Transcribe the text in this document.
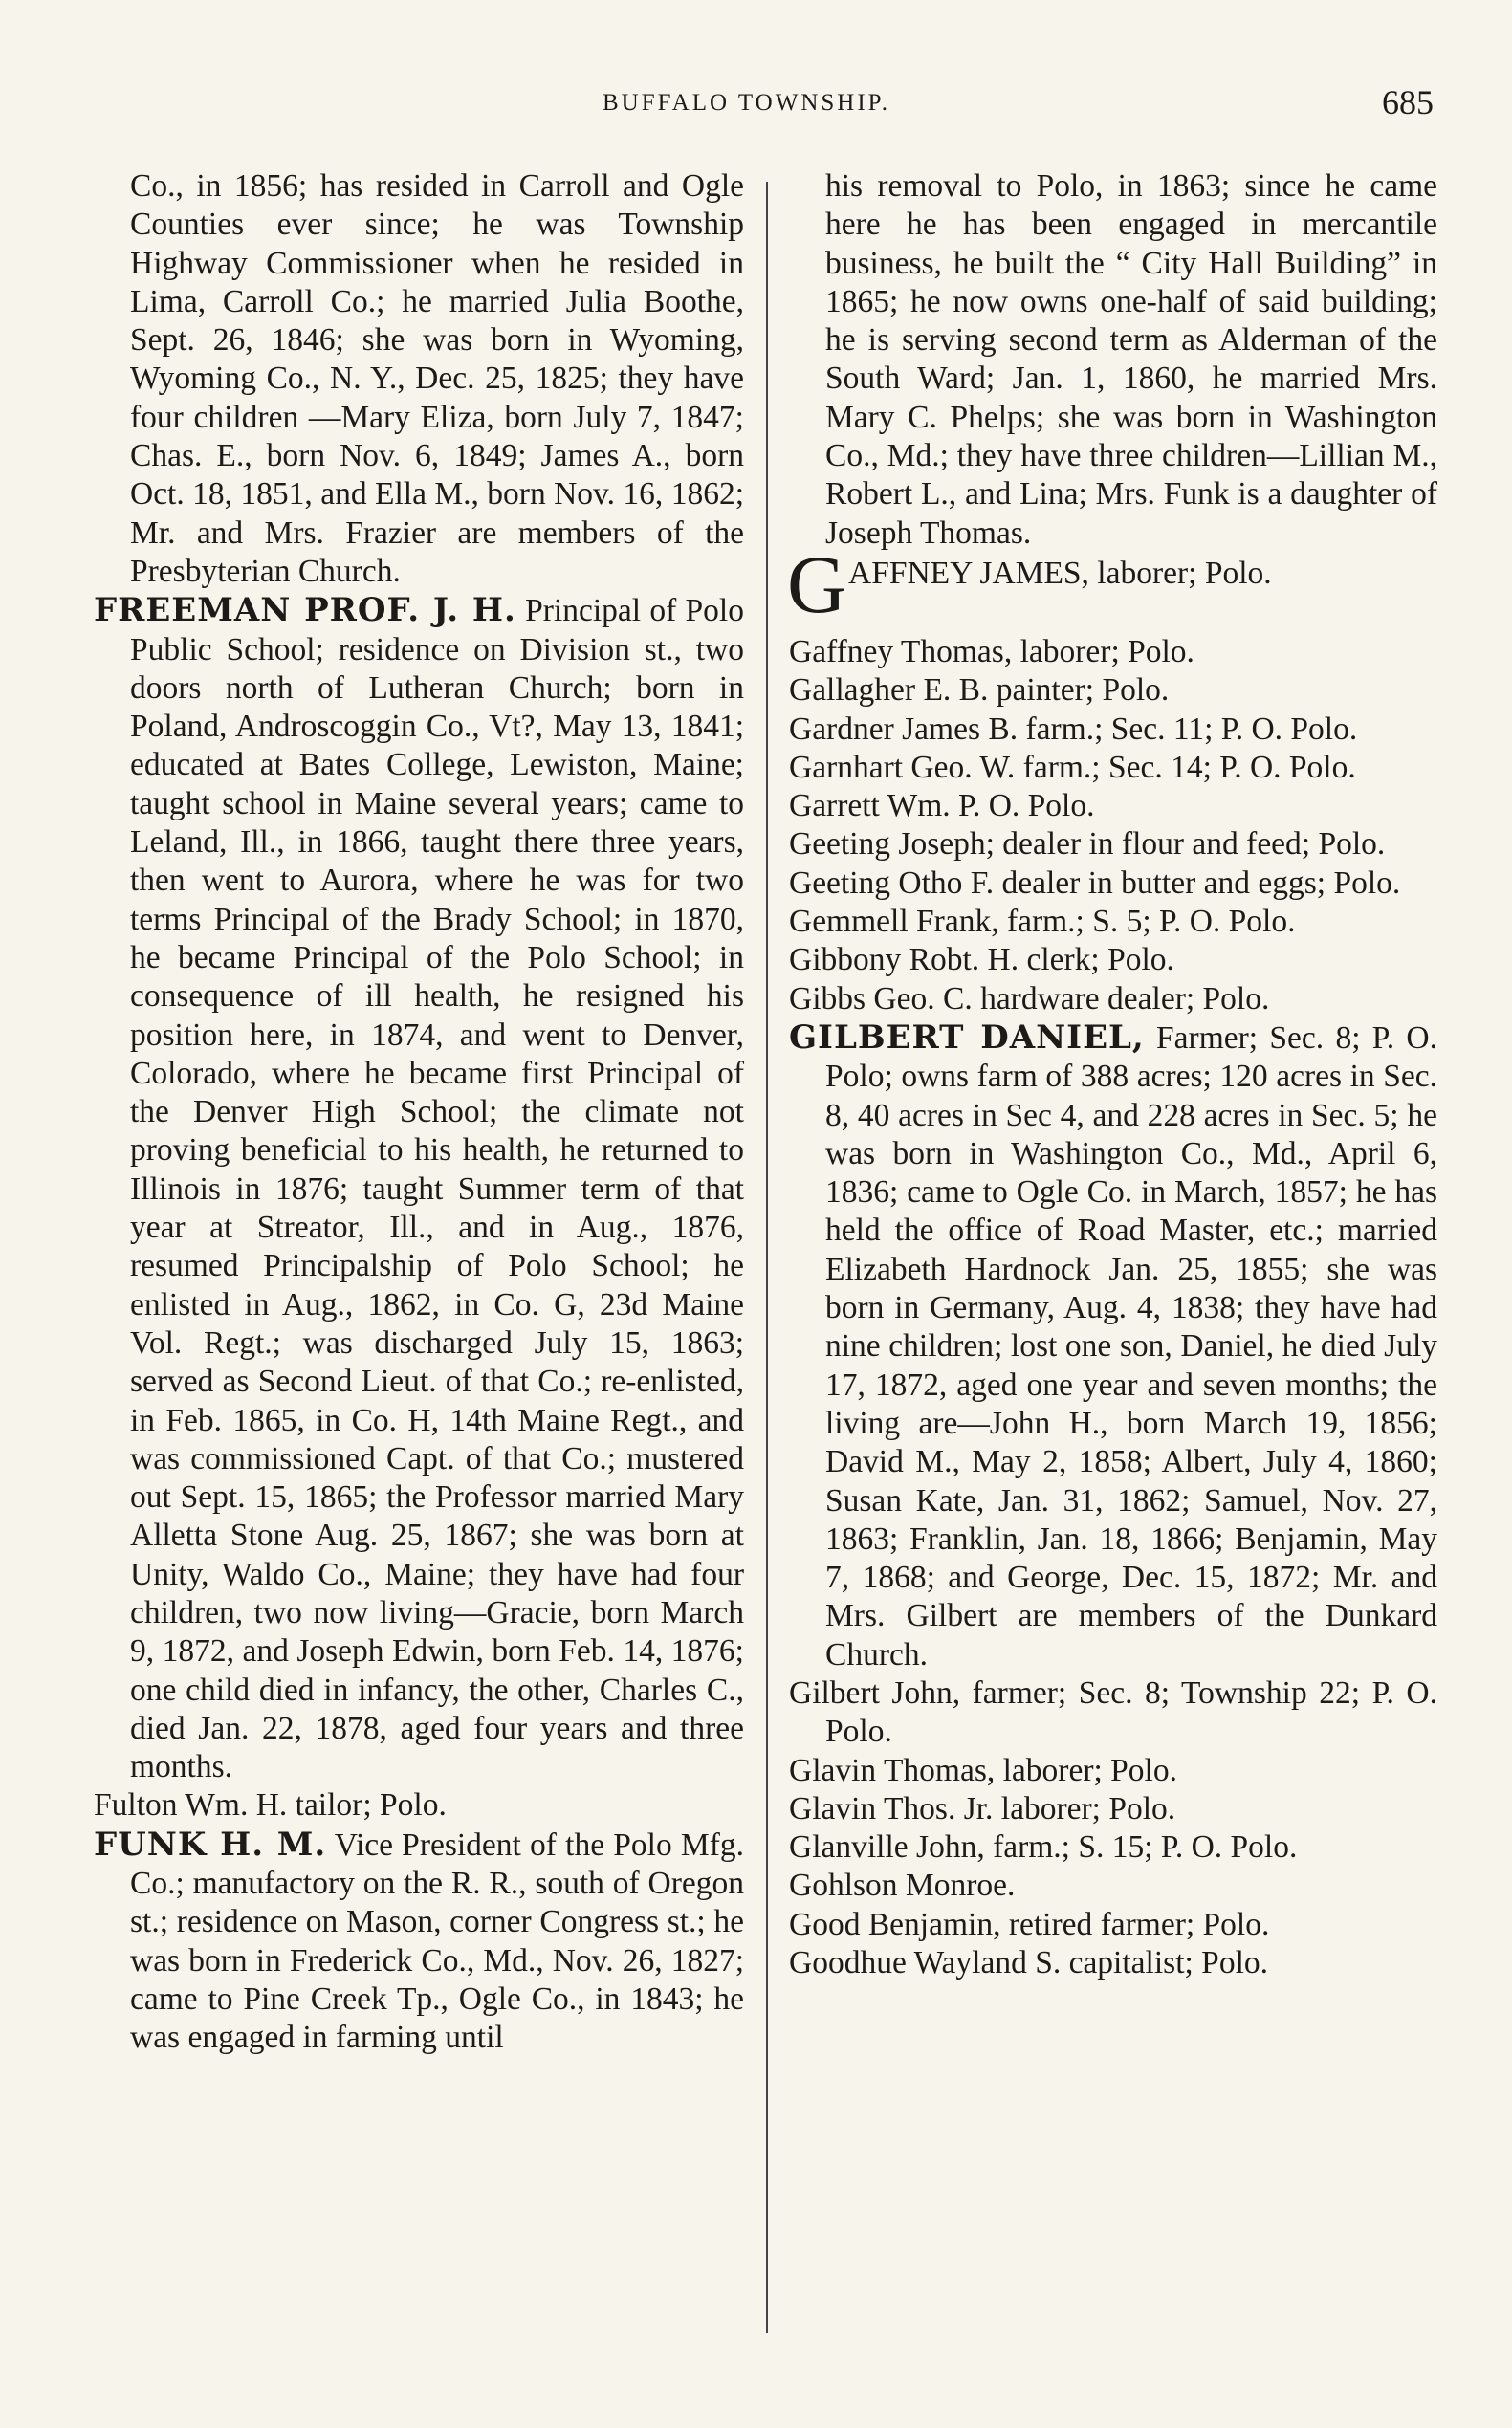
BUFFALO TOWNSHIP.	685

Co., in 1856; has resided in Carroll and Ogle Counties ever since; he was Township Highway Commissioner when he resided in Lima, Carroll Co.; he married Julia Boothe, Sept. 26, 1846; she was born in Wyoming, Wyoming Co., N. Y., Dec. 25, 1825; they have four children —Mary Eliza, born July 7, 1847; Chas. E., born Nov. 6, 1849; James A., born Oct. 18, 1851, and Ella M., born Nov. 16, 1862; Mr. and Mrs. Frazier are members of the Presbyterian Church.

FREEMAN PROF. J. H. Principal of Polo Public School; residence on Division st., two doors north of Lutheran Church; born in Poland, Androscoggin Co., Vt?, May 13, 1841; educated at Bates College, Lewiston, Maine; taught school in Maine several years; came to Leland, Ill., in 1866, taught there three years, then went to Aurora, where he was for two terms Principal of the Brady School; in 1870, he became Principal of the Polo School; in consequence of ill health, he resigned his position here, in 1874, and went to Denver, Colorado, where he became first Principal of the Denver High School; the climate not proving beneficial to his health, he returned to Illinois in 1876; taught Summer term of that year at Streator, Ill., and in Aug., 1876, resumed Principalship of Polo School; he enlisted in Aug., 1862, in Co. G, 23d Maine Vol. Regt.; was discharged July 15, 1863; served as Second Lieut. of that Co.; re-enlisted, in Feb. 1865, in Co. H, 14th Maine Regt., and was commissioned Capt. of that Co.; mustered out Sept. 15, 1865; the Professor married Mary Alletta Stone Aug. 25, 1867; she was born at Unity, Waldo Co., Maine; they have had four children, two now living—Gracie, born March 9, 1872, and Joseph Edwin, born Feb. 14, 1876; one child died in infancy, the other, Charles C., died Jan. 22, 1878, aged four years and three months.

Fulton Wm. H. tailor; Polo.

FUNK H. M. Vice President of the Polo Mfg. Co.; manufactory on the R. R., south of Oregon st.; residence on Mason, corner Congress st.; he was born in Frederick Co., Md., Nov. 26, 1827; came to Pine Creek Tp., Ogle Co., in 1843; he was engaged in farming until

his removal to Polo, in 1863; since he came here he has been engaged in mercantile business, he built the “ City Hall Building” in 1865; he now owns one-half of said building; he is serving second term as Alderman of the South Ward; Jan. 1, 1860, he married Mrs. Mary C. Phelps; she was born in Washington Co., Md.; they have three children—Lillian M., Robert L., and Lina; Mrs. Funk is a daughter of Joseph Thomas.

G AFFNEY JAMES, laborer; Polo.

Gaffney Thomas, laborer; Polo.

Gallagher E. B. painter; Polo.

Gardner James B. farm.; Sec. 11; P. O. Polo.

Garnhart Geo. W. farm.; Sec. 14; P. O. Polo.

Garrett Wm. P. O. Polo.

Geeting Joseph; dealer in flour and feed; Polo.

Geeting Otho F. dealer in butter and eggs; Polo.

Gemmell Frank, farm.; S. 5; P. O. Polo.

Gibbony Robt. H. clerk; Polo.

Gibbs Geo. C. hardware dealer; Polo.

GILBERT DANIEL, Farmer; Sec. 8; P. O. Polo; owns farm of 388 acres; 120 acres in Sec. 8, 40 acres in Sec 4, and 228 acres in Sec. 5; he was born in Washington Co., Md., April 6, 1836; came to Ogle Co. in March, 1857; he has held the office of Road Master, etc.; married Elizabeth Hardnock Jan. 25, 1855; she was born in Germany, Aug. 4, 1838; they have had nine children; lost one son, Daniel, he died July 17, 1872, aged one year and seven months; the living are—John H., born March 19, 1856; David M., May 2, 1858; Albert, July 4, 1860; Susan Kate, Jan. 31, 1862; Samuel, Nov. 27, 1863; Franklin, Jan. 18, 1866; Benjamin, May 7, 1868; and George, Dec. 15, 1872; Mr. and Mrs. Gilbert are members of the Dunkard Church.

Gilbert John, farmer; Sec. 8; Township 22; P. O. Polo.

Glavin Thomas, laborer; Polo.

Glavin Thos. Jr. laborer; Polo.

Glanville John, farm.; S. 15; P. O. Polo.

Gohlson Monroe.

Good Benjamin, retired farmer; Polo.

Goodhue Wayland S. capitalist; Polo.
